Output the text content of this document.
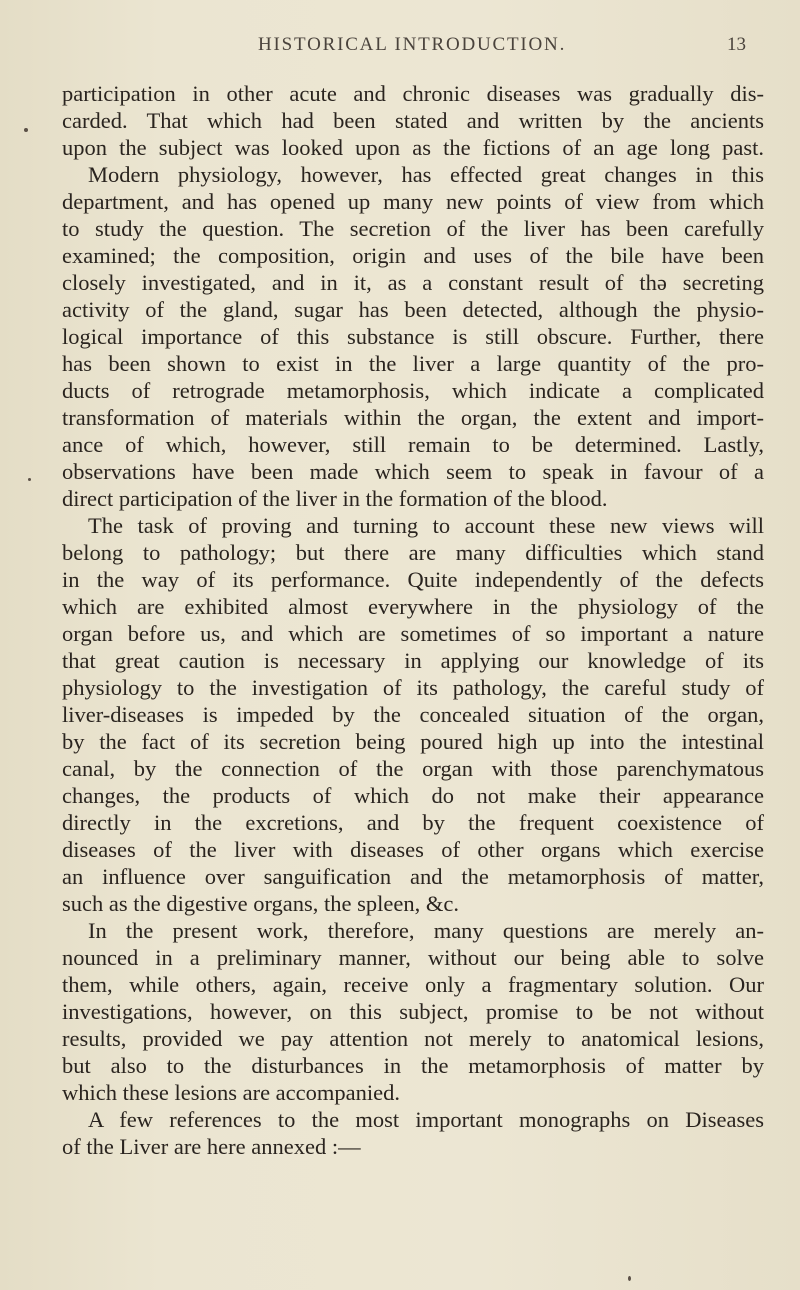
HISTORICAL INTRODUCTION.	13
participation in other acute and chronic diseases was gradually dis-
carded. That which had been stated and written by the ancients
upon the subject was looked upon as the fictions of an age long past.
Modern physiology, however, has effected great changes in this
department, and has opened up many new points of view from which
to study the question. The secretion of the liver has been carefully
examined; the composition, origin and uses of the bile have been
closely investigated, and in it, as a constant result of thə secreting
activity of the gland, sugar has been detected, although the physio-
logical importance of this substance is still obscure. Further, there
has been shown to exist in the liver a large quantity of the pro-
ducts of retrograde metamorphosis, which indicate a complicated
transformation of materials within the organ, the extent and import-
ance of which, however, still remain to be determined. Lastly,
observations have been made which seem to speak in favour of a
direct participation of the liver in the formation of the blood.
The task of proving and turning to account these new views will
belong to pathology; but there are many difficulties which stand
in the way of its performance. Quite independently of the defects
which are exhibited almost everywhere in the physiology of the
organ before us, and which are sometimes of so important a nature
that great caution is necessary in applying our knowledge of its
physiology to the investigation of its pathology, the careful study of
liver-diseases is impeded by the concealed situation of the organ,
by the fact of its secretion being poured high up into the intestinal
canal, by the connection of the organ with those parenchymatous
changes, the products of which do not make their appearance
directly in the excretions, and by the frequent coexistence of
diseases of the liver with diseases of other organs which exercise
an influence over sanguification and the metamorphosis of matter,
such as the digestive organs, the spleen, &c.
In the present work, therefore, many questions are merely an-
nounced in a preliminary manner, without our being able to solve
them, while others, again, receive only a fragmentary solution. Our
investigations, however, on this subject, promise to be not without
results, provided we pay attention not merely to anatomical lesions,
but also to the disturbances in the metamorphosis of matter by
which these lesions are accompanied.
A few references to the most important monographs on Diseases
of the Liver are here annexed :—
